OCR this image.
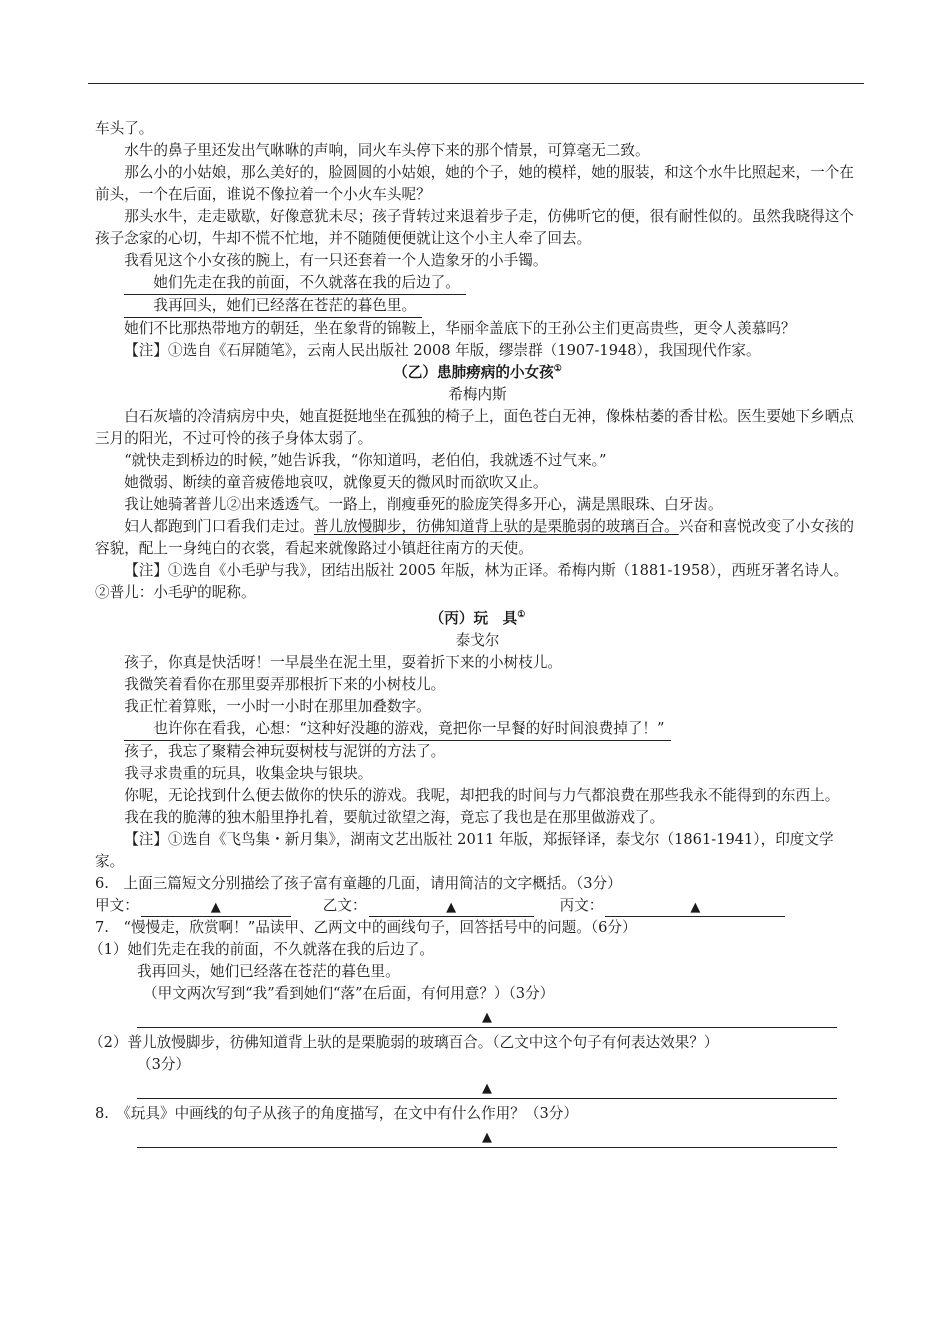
车头了。

水牛的鼻子里还发出气咻咻的声响，同火车头停下来的那个情景，可算毫无二致。

那么小的小姑娘，那么美好的，脸圆圆的小姑娘，她的个子，她的模样，她的服装，和这个水牛比照起来，一个在前头，一个在后面，谁说不像拉着一个小火车头呢？

那头水牛，走走歇歇，好像意犹未尽；孩子背转过来退着步子走，仿佛听它的便，很有耐性似的。虽然我晓得这个孩子念家的心切，牛却不慌不忙地，并不随随便便就让这个小主人牵了回去。

我看见这个小女孩的腕上，有一只还套着一个人造象牙的小手镯。

她们先走在我的前面，不久就落在我的后边了。

我再回头，她们已经落在苍茫的暮色里。

她们不比那热带地方的朝廷，坐在象背的锦鞍上，华丽伞盖底下的王孙公主们更高贵些，更令人羡慕吗？

【注】①选自《石屏随笔》，云南人民出版社 2008 年版，缪崇群（1907-1948），我国现代作家。

（乙）患肺痨病的小女孩①

希梅内斯

白石灰墙的冷清病房中央，她直挺挺地坐在孤独的椅子上，面色苍白无神，像株枯萎的香甘松。医生要她下乡晒点三月的阳光，不过可怜的孩子身体太弱了。

“就快走到桥边的时候，”她告诉我，“你知道吗，老伯伯，我就透不过气来。”

她微弱、断续的童音疲倦地哀叹，就像夏天的微风时而欲吹又止。

我让她骑著普儿②出来透透气。一路上，削瘦垂死的脸庞笑得多开心，满是黑眼珠、白牙齿。

妇人都跑到门口看我们走过。普儿放慢脚步，彷佛知道背上驮的是栗脆弱的玻璃百合。兴奋和喜悦改变了小女孩的容貌，配上一身纯白的衣裳，看起来就像路过小镇赶往南方的天使。

【注】①选自《小毛驴与我》，团结出版社 2005 年版，林为正译。希梅内斯（1881-1958），西班牙著名诗人。②普儿：小毛驴的昵称。

（丙）玩　具①

泰戈尔

孩子，你真是快活呀！一早晨坐在泥土里，耍着折下来的小树枝儿。

我微笑着看你在那里耍弄那根折下来的小树枝儿。

我正忙着算账，一小时一小时在那里加叠数字。

也许你在看我，心想：“这种好没趣的游戏，竟把你一早餐的好时间浪费掉了！”

孩子，我忘了聚精会神玩耍树枝与泥饼的方法了。

我寻求贵重的玩具，收集金块与银块。

你呢，无论找到什么便去做你的快乐的游戏。我呢，却把我的时间与力气都浪费在那些我永不能得到的东西上。

我在我的脆薄的独木船里挣扎着，要航过欲望之海，竟忘了我也是在那里做游戏了。

【注】①选自《飞鸟集・新月集》，湖南文艺出版社 2011 年版，郑振铎译，泰戈尔（1861-1941），印度文学家。

6.　上面三篇短文分别描绘了孩子富有童趣的几面，请用简洁的文字概括。（3分）

甲文：	▲	乙文：	▲	丙文：	▲

7.　“慢慢走，欣赏啊！”品读甲、乙两文中的画线句子，回答括号中的问题。（6分）

（1）她们先走在我的前面，不久就落在我的后边了。

我再回头，她们已经落在苍茫的暮色里。

（甲文两次写到“我”看到她们“落”在后面，有何用意？）（3分）

▲

（2）普儿放慢脚步，彷佛知道背上驮的是栗脆弱的玻璃百合。（乙文中这个句子有何表达效果？）

（3分）

▲

8.　《玩具》中画线的句子从孩子的角度描写，在文中有什么作用？（3分）

▲
